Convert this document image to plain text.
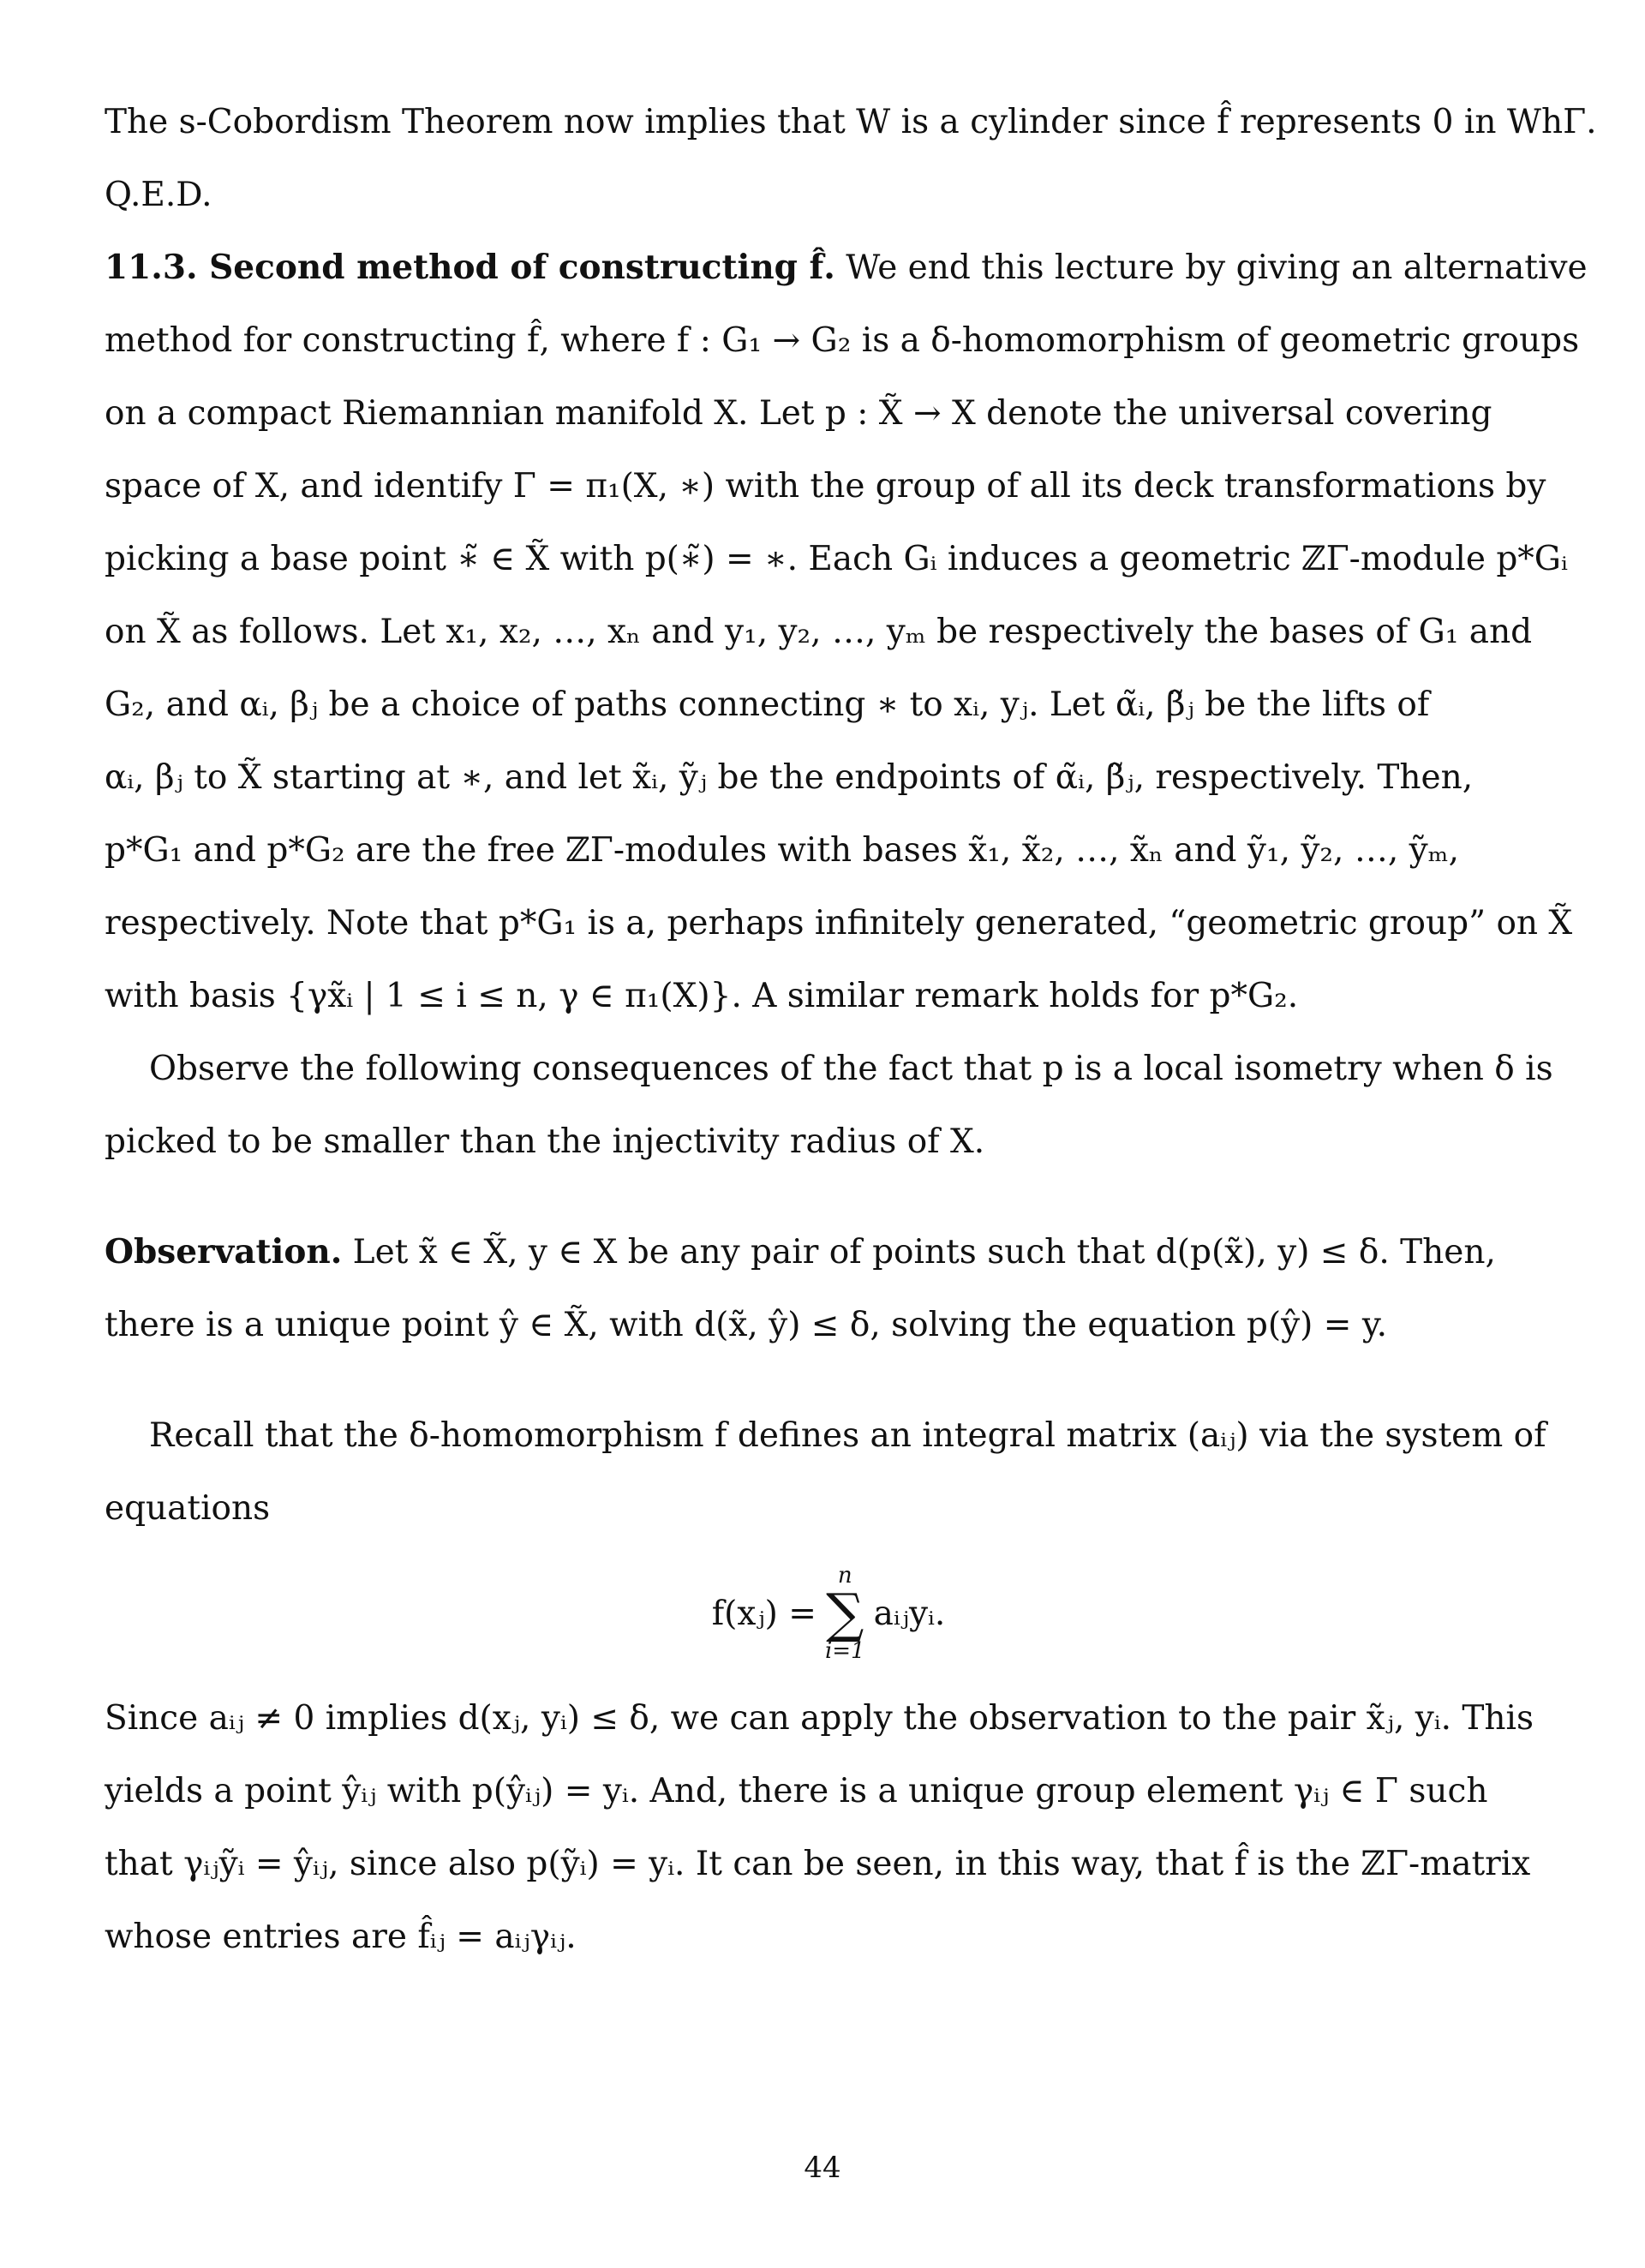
The s-Cobordism Theorem now implies that W is a cylinder since f̂ represents 0 in WhΓ.
Q.E.D.
11.3. Second method of constructing f̂. We end this lecture by giving an alternative
method for constructing f̂, where f : G₁ → G₂ is a δ-homomorphism of geometric groups
on a compact Riemannian manifold X. Let p : X̃ → X denote the universal covering
space of X, and identify Γ = π₁(X, ∗) with the group of all its deck transformations by
picking a base point ∗̃ ∈ X̃ with p(∗̃) = ∗. Each Gᵢ induces a geometric ℤΓ-module p*Gᵢ
on X̃ as follows. Let x₁, x₂, …, xₙ and y₁, y₂, …, yₘ be respectively the bases of G₁ and
G₂, and αᵢ, βⱼ be a choice of paths connecting ∗ to xᵢ, yⱼ. Let α̃ᵢ, β̃ⱼ be the lifts of
αᵢ, βⱼ to X̃ starting at ∗, and let x̃ᵢ, ỹⱼ be the endpoints of α̃ᵢ, β̃ⱼ, respectively. Then,
p*G₁ and p*G₂ are the free ℤΓ-modules with bases x̃₁, x̃₂, …, x̃ₙ and ỹ₁, ỹ₂, …, ỹₘ,
respectively. Note that p*G₁ is a, perhaps infinitely generated, “geometric group” on X̃
with basis {γx̃ᵢ | 1 ≤ i ≤ n, γ ∈ π₁(X)}. A similar remark holds for p*G₂.
Observe the following consequences of the fact that p is a local isometry when δ is
picked to be smaller than the injectivity radius of X.
Observation. Let x̃ ∈ X̃, y ∈ X be any pair of points such that d(p(x̃), y) ≤ δ. Then,
there is a unique point ŷ ∈ X̃, with d(x̃, ŷ) ≤ δ, solving the equation p(ŷ) = y.
Recall that the δ-homomorphism f defines an integral matrix (aᵢⱼ) via the system of
equations
f(xⱼ) =
n
∑
i=1
aᵢⱼyᵢ.
Since aᵢⱼ ≠ 0 implies d(xⱼ, yᵢ) ≤ δ, we can apply the observation to the pair x̃ⱼ, yᵢ. This
yields a point ŷᵢⱼ with p(ŷᵢⱼ) = yᵢ. And, there is a unique group element γᵢⱼ ∈ Γ such
that γᵢⱼỹᵢ = ŷᵢⱼ, since also p(ỹᵢ) = yᵢ. It can be seen, in this way, that f̂ is the ℤΓ-matrix
whose entries are f̂ᵢⱼ = aᵢⱼγᵢⱼ.
44
